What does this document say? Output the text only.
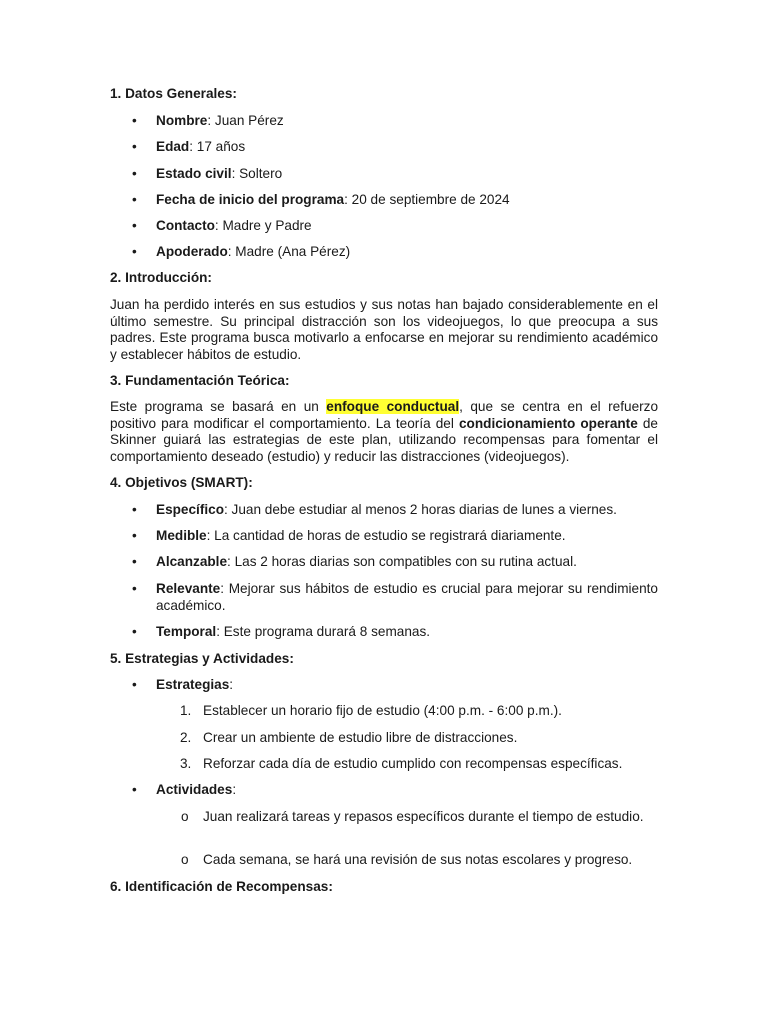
1. Datos Generales:
• Nombre: Juan Pérez
• Edad: 17 años
• Estado civil: Soltero
• Fecha de inicio del programa: 20 de septiembre de 2024
• Contacto: Madre y Padre
• Apoderado: Madre (Ana Pérez)
2. Introducción:

Juan ha perdido interés en sus estudios y sus notas han bajado considerablemente en el último semestre. Su principal distracción son los videojuegos, lo que preocupa a sus padres. Este programa busca motivarlo a enfocarse en mejorar su rendimiento académico y establecer hábitos de estudio.

3. Fundamentación Teórica:

Este programa se basará en un enfoque conductual, que se centra en el refuerzo positivo para modificar el comportamiento. La teoría del condicionamiento operante de Skinner guiará las estrategias de este plan, utilizando recompensas para fomentar el comportamiento deseado (estudio) y reducir las distracciones (videojuegos).

4. Objetivos (SMART):
• Específico: Juan debe estudiar al menos 2 horas diarias de lunes a viernes.
• Medible: La cantidad de horas de estudio se registrará diariamente.
• Alcanzable: Las 2 horas diarias son compatibles con su rutina actual.
• Relevante: Mejorar sus hábitos de estudio es crucial para mejorar su rendimiento académico.
• Temporal: Este programa durará 8 semanas.
5. Estrategias y Actividades:
• Estrategias:
1. Establecer un horario fijo de estudio (4:00 p.m. - 6:00 p.m.).
2. Crear un ambiente de estudio libre de distracciones.
3. Reforzar cada día de estudio cumplido con recompensas específicas.
• Actividades:
o Juan realizará tareas y repasos específicos durante el tiempo de estudio.
o Cada semana, se hará una revisión de sus notas escolares y progreso.
6. Identificación de Recompensas:
